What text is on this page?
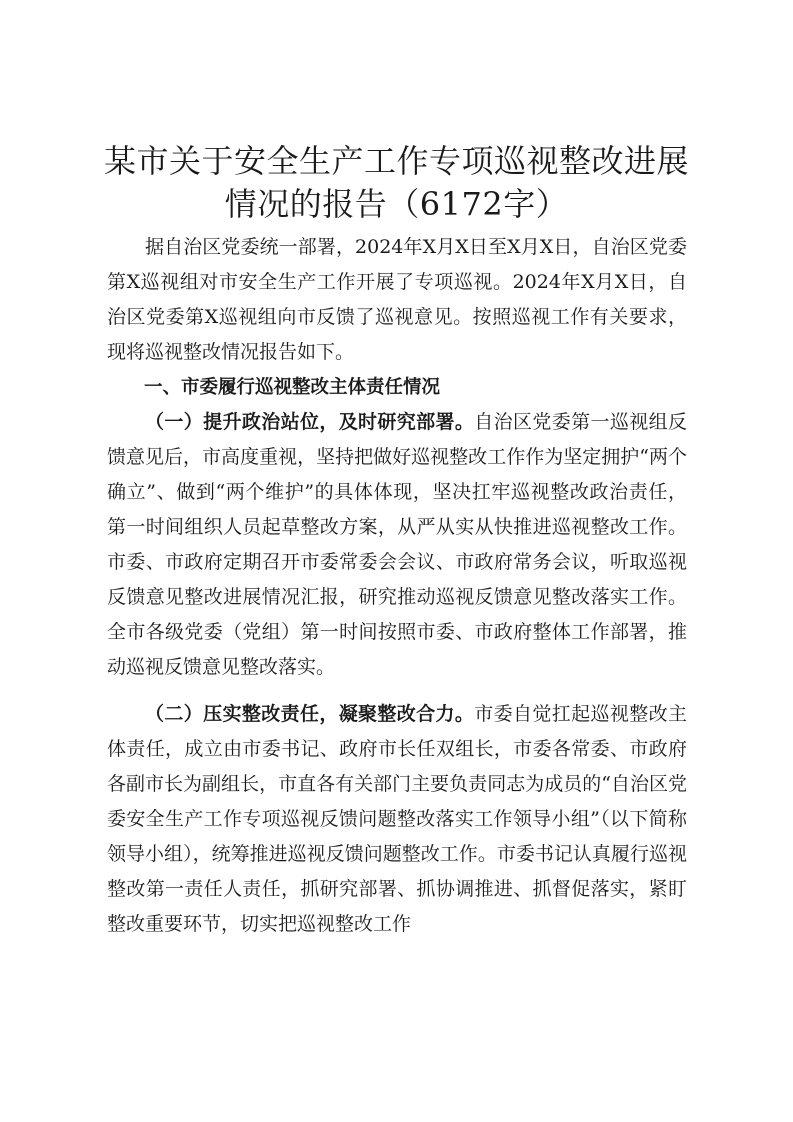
某市关于安全生产工作专项巡视整改进展情况的报告（6172字）

据自治区党委统一部署，2024年X月X日至X月X日，自治区党委第X巡视组对市安全生产工作开展了专项巡视。2024年X月X日，自治区党委第X巡视组向市反馈了巡视意见。按照巡视工作有关要求，现将巡视整改情况报告如下。

一、市委履行巡视整改主体责任情况

（一）提升政治站位，及时研究部署。自治区党委第一巡视组反馈意见后，市高度重视，坚持把做好巡视整改工作作为坚定拥护“两个确立”、做到“两个维护”的具体体现，坚决扛牢巡视整改政治责任，第一时间组织人员起草整改方案，从严从实从快推进巡视整改工作。市委、市政府定期召开市委常委会会议、市政府常务会议，听取巡视反馈意见整改进展情况汇报，研究推动巡视反馈意见整改落实工作。全市各级党委（党组）第一时间按照市委、市政府整体工作部署，推动巡视反馈意见整改落实。

（二）压实整改责任，凝聚整改合力。市委自觉扛起巡视整改主体责任，成立由市委书记、政府市长任双组长，市委各常委、市政府各副市长为副组长，市直各有关部门主要负责同志为成员的“自治区党委安全生产工作专项巡视反馈问题整改落实工作领导小组”（以下简称领导小组），统筹推进巡视反馈问题整改工作。市委书记认真履行巡视整改第一责任人责任，抓研究部署、抓协调推进、抓督促落实，紧盯整改重要环节，切实把巡视整改工作
